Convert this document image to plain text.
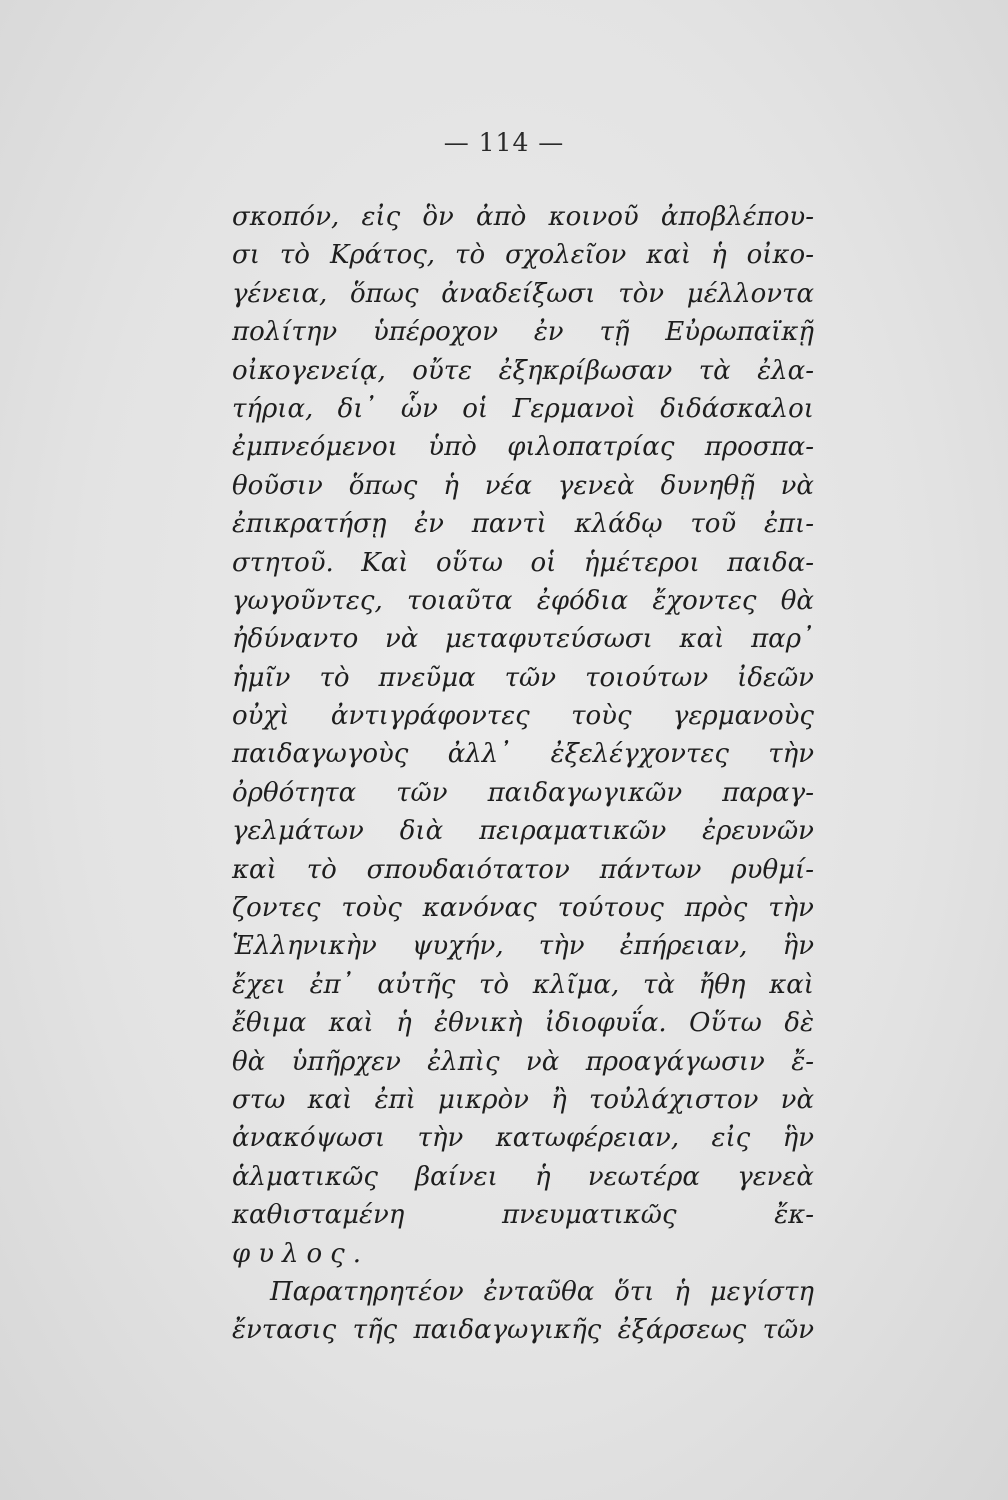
— 114 —
σκοπόν, εἰς ὃν ἀπὸ κοινοῦ ἀποβλέπου-
σι τὸ Κράτος, τὸ σχολεῖον καὶ ἡ οἰκο-
γένεια, ὅπως ἀναδείξωσι τὸν μέλλοντα
πολίτην ὑπέροχον ἐν τῇ Εὐρωπαϊκῇ
οἰκογενείᾳ, οὔτε ἐξηκρίβωσαν τὰ ἐλα-
τήρια, δι᾽ ὧν οἱ Γερμανοὶ διδάσκαλοι
ἐμπνεόμενοι ὑπὸ φιλοπατρίας προσπα-
θοῦσιν ὅπως ἡ νέα γενεὰ δυνηθῇ νὰ
ἐπικρατήσῃ ἐν παντὶ κλάδῳ τοῦ ἐπι-
στητοῦ. Καὶ οὕτω οἱ ἡμέτεροι παιδα-
γωγοῦντες, τοιαῦτα ἐφόδια ἔχοντες θὰ
ἠδύναντο νὰ μεταφυτεύσωσι καὶ παρ᾽
ἡμῖν τὸ πνεῦμα τῶν τοιούτων ἰδεῶν
οὐχὶ ἀντιγράφοντες τοὺς γερμανοὺς
παιδαγωγοὺς ἀλλ᾽ ἐξελέγχοντες τὴν
ὀρθότητα τῶν παιδαγωγικῶν παραγ-
γελμάτων διὰ πειραματικῶν ἐρευνῶν
καὶ τὸ σπουδαιότατον πάντων ρυθμί-
ζοντες τοὺς κανόνας τούτους πρὸς τὴν
Ἑλληνικὴν ψυχήν, τὴν ἐπήρειαν, ἣν
ἔχει ἐπ᾽ αὐτῆς τὸ κλῖμα, τὰ ἤθη καὶ
ἔθιμα καὶ ἡ ἐθνικὴ ἰδιοφυΐα. Οὕτω δὲ
θὰ ὑπῆρχεν ἐλπὶς νὰ προαγάγωσιν ἔ-
στω καὶ ἐπὶ μικρὸν ἢ τοὐλάχιστον νὰ
ἀνακόψωσι τὴν κατωφέρειαν, εἰς ἣν
ἁλματικῶς βαίνει ἡ νεωτέρα γενεὰ
καθισταμένη πνευματικῶς ἔκ-
φυλος.
Παρατηρητέον ἐνταῦθα ὅτι ἡ μεγίστη
ἔντασις τῆς παιδαγωγικῆς ἐξάρσεως τῶν
